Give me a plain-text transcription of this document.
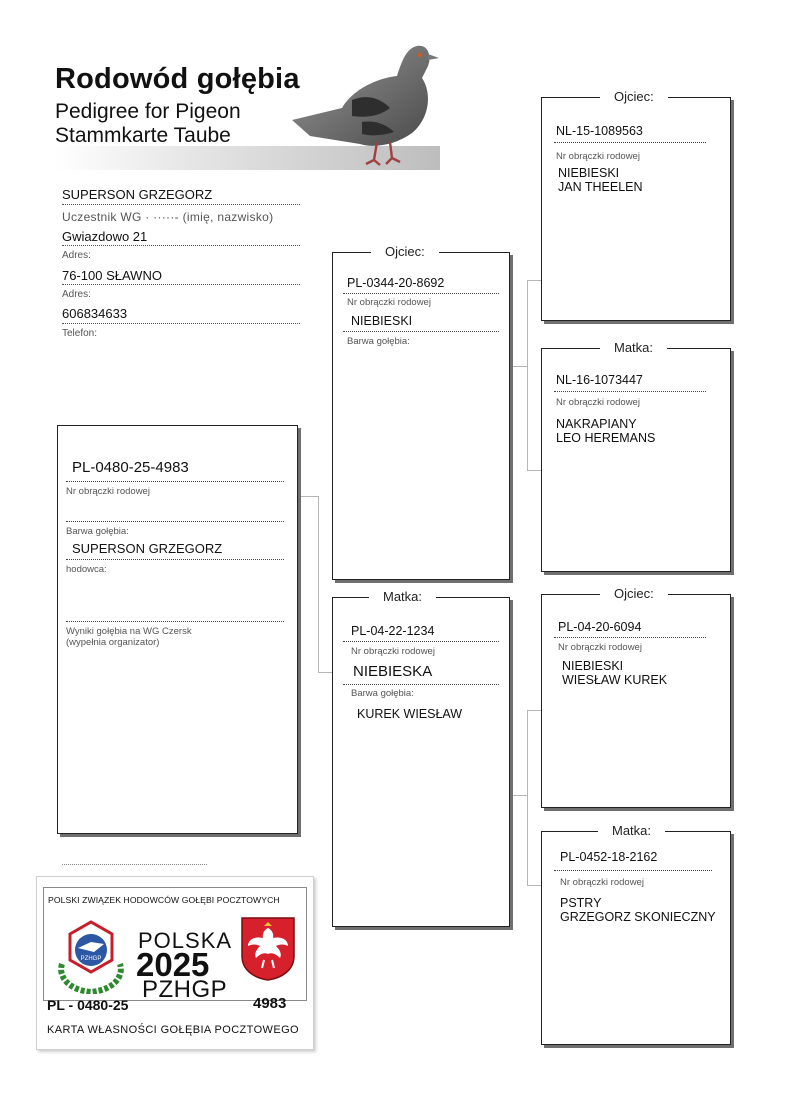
Rodowód gołębia
Pedigree for Pigeon
Stammkarte Taube
SUPERSON GRZEGORZ
Uczestnik WG · ·····- (imię, nazwisko)
Gwiazdowo 21
Adres:
76-100 SŁAWNO
Adres:
606834633
Telefon:
PL-0480-25-4983
Nr obrączki rodowej
Barwa gołębia:
SUPERSON GRZEGORZ
hodowca:
Wyniki gołębia na WG Czersk
(wypełnia organizator)
Ojciec:
PL-0344-20-8692
Nr obrączki rodowej
NIEBIESKI
Barwa gołębia:
Matka:
PL-04-22-1234
Nr obrączki rodowej
NIEBIESKA
Barwa gołębia:
KUREK WIESŁAW
Ojciec:
NL-15-1089563
Nr obrączki rodowej
NIEBIESKI
JAN THEELEN
Matka:
NL-16-1073447
Nr obrączki rodowej
NAKRAPIANY
LEO HEREMANS
Ojciec:
PL-04-20-6094
Nr obrączki rodowej
NIEBIESKI
WIESŁAW KUREK
Matka:
PL-0452-18-2162
Nr obrączki rodowej
PSTRY
GRZEGORZ SKONIECZNY
POLSKI ZWIĄZEK HODOWCÓW GOŁĘBI POCZTOWYCH
PZHGP
POLSKA
2025
PZHGP
PL - 0480-25	4983
KARTA WŁASNOŚCI GOŁĘBIA POCZTOWEGO
